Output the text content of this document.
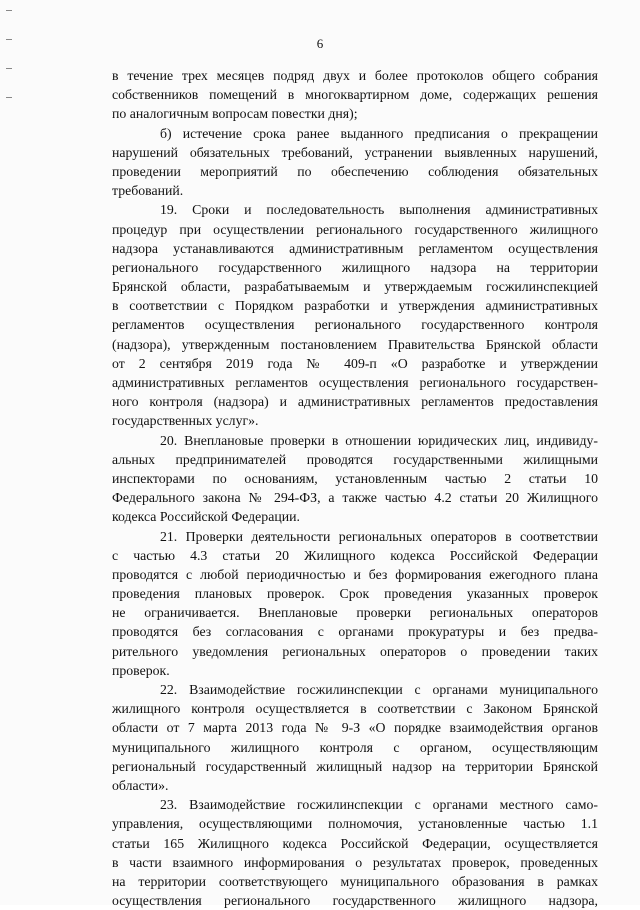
6
в течение трех месяцев подряд двух и более протоколов общего собрания
собственников помещений в многоквартирном доме, содержащих решения
по аналогичным вопросам повестки дня);
б) истечение срока ранее выданного предписания о прекращении
нарушений обязательных требований, устранении выявленных нарушений,
проведении мероприятий по обеспечению соблюдения обязательных
требований.
19. Сроки и последовательность выполнения административных
процедур при осуществлении регионального государственного жилищного
надзора устанавливаются административным регламентом осуществления
регионального государственного жилищного надзора на территории
Брянской области, разрабатываемым и утверждаемым госжилинспекцией
в соответствии с Порядком разработки и утверждения административных
регламентов осуществления регионального государственного контроля
(надзора), утвержденным постановлением Правительства Брянской области
от 2 сентября 2019 года № 409-п «О разработке и утверждении
административных регламентов осуществления регионального государствен-
ного контроля (надзора) и административных регламентов предоставления
государственных услуг».
20. Внеплановые проверки в отношении юридических лиц, индивиду-
альных предпринимателей проводятся государственными жилищными
инспекторами по основаниям, установленным частью 2 статьи 10
Федерального закона № 294-ФЗ, а также частью 4.2 статьи 20 Жилищного
кодекса Российской Федерации.
21. Проверки деятельности региональных операторов в соответствии
с частью 4.3 статьи 20 Жилищного кодекса Российской Федерации
проводятся с любой периодичностью и без формирования ежегодного плана
проведения плановых проверок. Срок проведения указанных проверок
не ограничивается. Внеплановые проверки региональных операторов
проводятся без согласования с органами прокуратуры и без предва-
рительного уведомления региональных операторов о проведении таких
проверок.
22. Взаимодействие госжилинспекции с органами муниципального
жилищного контроля осуществляется в соответствии с Законом Брянской
области от 7 марта 2013 года № 9-З «О порядке взаимодействия органов
муниципального жилищного контроля с органом, осуществляющим
региональный государственный жилищный надзор на территории Брянской
области».
23. Взаимодействие госжилинспекции с органами местного само-
управления, осуществляющими полномочия, установленные частью 1.1
статьи 165 Жилищного кодекса Российской Федерации, осуществляется
в части взаимного информирования о результатах проверок, проведенных
на территории соответствующего муниципального образования в рамках
осуществления регионального государственного жилищного надзора,
